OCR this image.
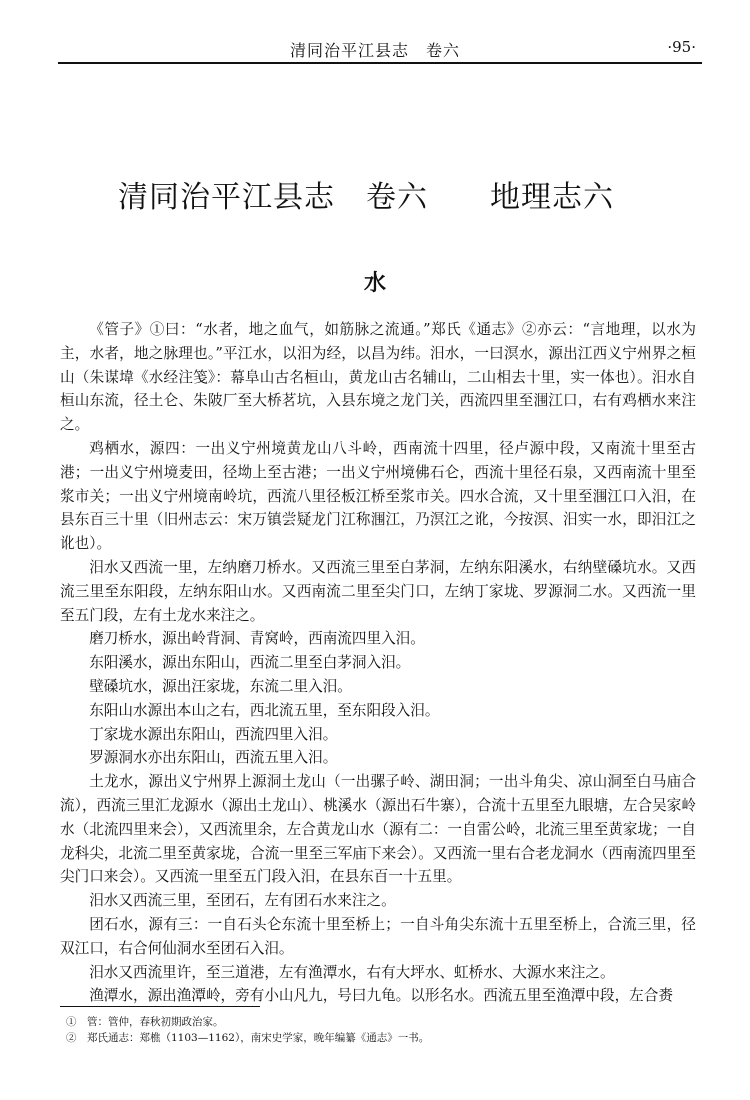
清同治平江县志　卷六	·95·
清同治平江县志　卷六　　地理志六
水

《管子》①曰：“水者，地之血气，如筋脉之流通。”郑氏《通志》②亦云：“言地理，以水为主，水者，地之脉理也。”平江水，以汨为经，以昌为纬。汨水，一曰溟水，源出江西义宁州界之桓山（朱谋㙔《水经注笺》：幕阜山古名桓山，黄龙山古名辅山，二山相去十里，实一体也）。汨水自桓山东流，径土仑、朱陂厂至大桥茗坑，入县东境之龙门关，西流四里至涠江口，右有鸡栖水来注之。

鸡栖水，源四：一出义宁州境黄龙山八斗岭，西南流十四里，径卢源中段，又南流十里至古港；一出义宁州境麦田，径坳上至古港；一出义宁州境佛石仑，西流十里径石泉，又西南流十里至浆市关；一出义宁州境南岭坑，西流八里径板江桥至浆市关。四水合流，又十里至涠江口入汨，在县东百三十里（旧州志云：宋万镇尝疑龙门江称涠江，乃溟江之讹，今按溟、汨实一水，即汨江之讹也）。

汨水又西流一里，左纳磨刀桥水。又西流三里至白茅洞，左纳东阳溪水，右纳壁磉坑水。又西流三里至东阳段，左纳东阳山水。又西南流二里至尖门口，左纳丁家垅、罗源洞二水。又西流一里至五门段，左有土龙水来注之。

磨刀桥水，源出岭背洞、青窝岭，西南流四里入汨。

东阳溪水，源出东阳山，西流二里至白茅洞入汨。

壁磉坑水，源出汪家垅，东流二里入汨。

东阳山水源出本山之右，西北流五里，至东阳段入汨。

丁家垅水源出东阳山，西流四里入汨。

罗源洞水亦出东阳山，西流五里入汨。

土龙水，源出义宁州界上源洞土龙山（一出骡子岭、湖田洞；一出斗角尖、凉山洞至白马庙合流），西流三里汇龙源水（源出土龙山）、桃溪水（源出石牛寨），合流十五里至九眼塘，左合吴家岭水（北流四里来会），又西流里余，左合黄龙山水（源有二：一自雷公岭，北流三里至黄家垅；一自龙科尖，北流二里至黄家垅，合流一里至三军庙下来会）。又西流一里右合老龙洞水（西南流四里至尖门口来会）。又西流一里至五门段入汨，在县东百一十五里。

汨水又西流三里，至团石，左有团石水来注之。

团石水，源有三：一自石头仑东流十里至桥上；一自斗角尖东流十五里至桥上，合流三里，径双江口，右合何仙洞水至团石入汨。

汨水又西流里许，至三道港，左有渔潭水，右有大坪水、虹桥水、大源水来注之。

渔潭水，源出渔潭岭，旁有小山凡九，号曰九龟。以形名水。西流五里至渔潭中段，左合赉

①　管：管仲，春秋初期政治家。
②　郑氏通志：郑樵（1103—1162），南宋史学家，晚年编纂《通志》一书。
